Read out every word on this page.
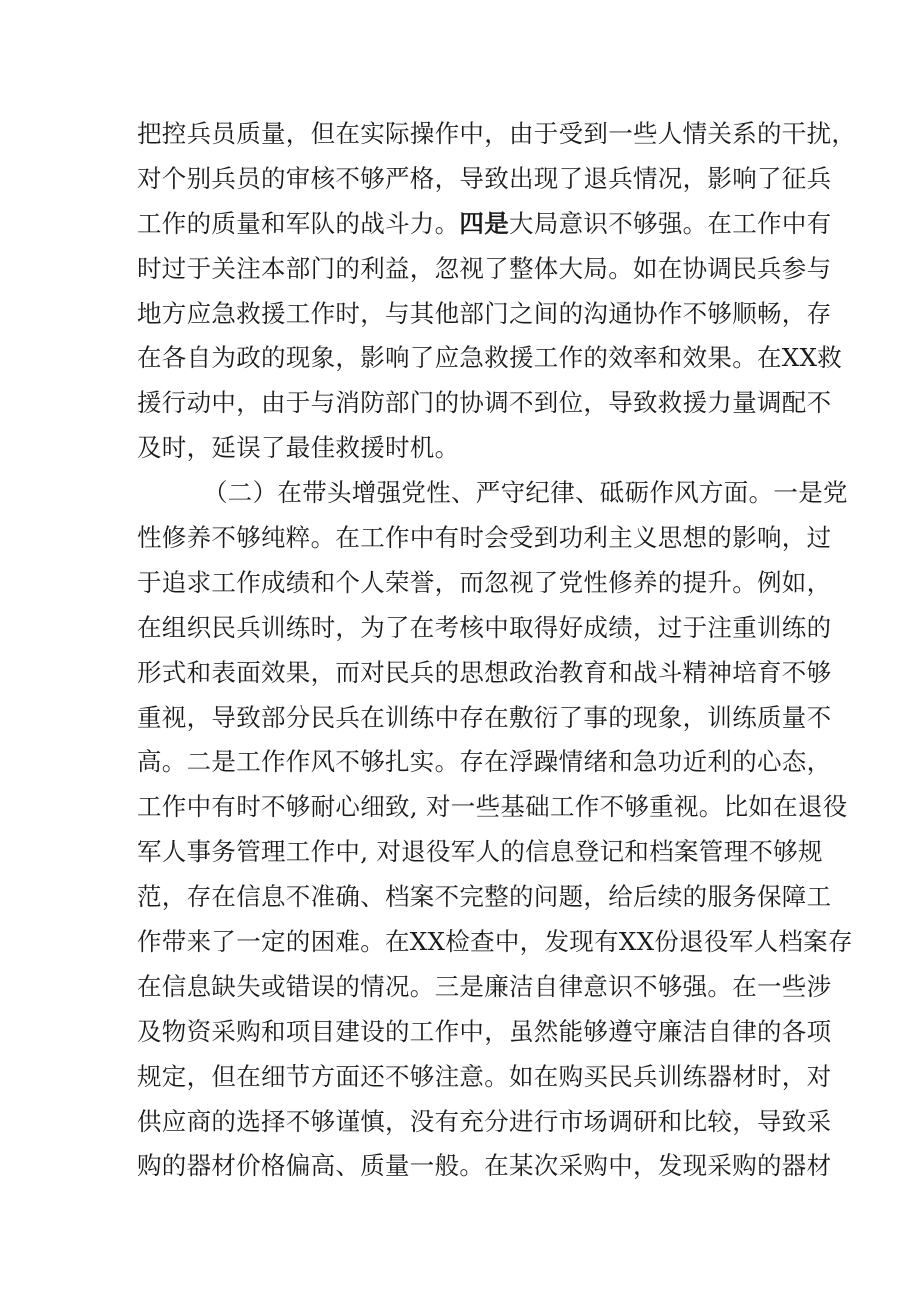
把控兵员质量，但在实际操作中，由于受到一些人情关系的干扰，
对个别兵员的审核不够严格，导致出现了退兵情况，影响了征兵
工作的质量和军队的战斗力。四是大局意识不够强。在工作中有
时过于关注本部门的利益，忽视了整体大局。如在协调民兵参与
地方应急救援工作时，与其他部门之间的沟通协作不够顺畅，存
在各自为政的现象，影响了应急救援工作的效率和效果。在XX救
援行动中，由于与消防部门的协调不到位，导致救援力量调配不
及时，延误了最佳救援时机。
（二）在带头增强党性、严守纪律、砥砺作风方面。一是党
性修养不够纯粹。在工作中有时会受到功利主义思想的影响，过
于追求工作成绩和个人荣誉，而忽视了党性修养的提升。例如，
在组织民兵训练时，为了在考核中取得好成绩，过于注重训练的
形式和表面效果，而对民兵的思想政治教育和战斗精神培育不够
重视，导致部分民兵在训练中存在敷衍了事的现象，训练质量不
高。二是工作作风不够扎实。存在浮躁情绪和急功近利的心态，
工作中有时不够耐心细致, 对一些基础工作不够重视。比如在退役
军人事务管理工作中, 对退役军人的信息登记和档案管理不够规
范，存在信息不准确、档案不完整的问题，给后续的服务保障工
作带来了一定的困难。在XX检查中，发现有XX份退役军人档案存
在信息缺失或错误的情况。三是廉洁自律意识不够强。在一些涉
及物资采购和项目建设的工作中，虽然能够遵守廉洁自律的各项
规定，但在细节方面还不够注意。如在购买民兵训练器材时，对
供应商的选择不够谨慎，没有充分进行市场调研和比较，导致采
购的器材价格偏高、质量一般。在某次采购中，发现采购的器材
